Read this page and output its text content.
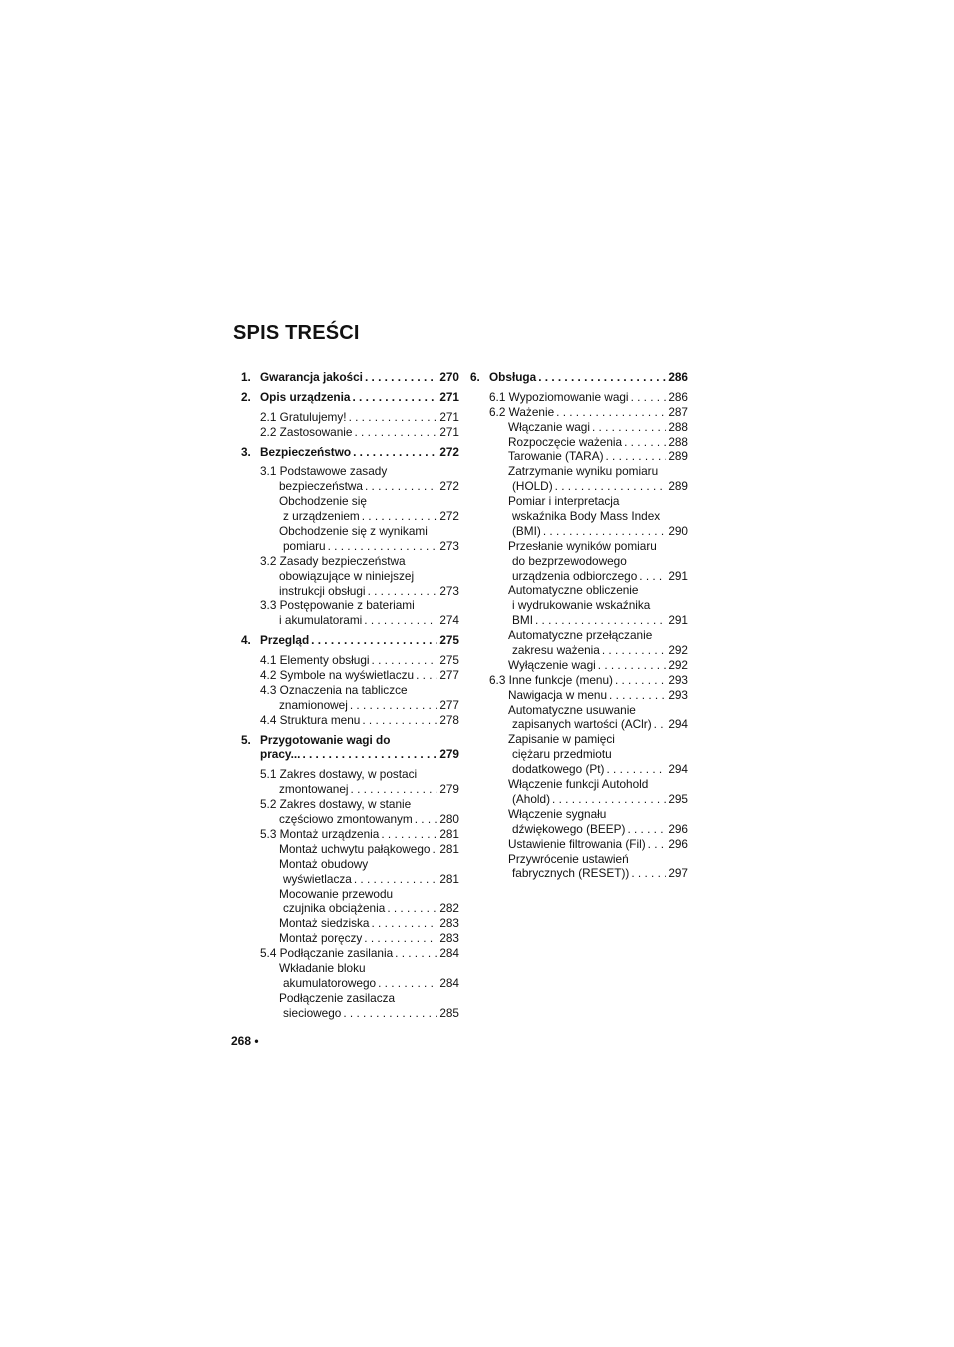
SPIS TREŚCI
1. Gwarancja jakości . . .	270
2. Opis urządzenia . . .	271
2.1 Gratulujemy! . . .	271
2.2 Zastosowanie . . .	271
3. Bezpieczeństwo . . .	272
3.1 Podstawowe zasady
bezpieczeństwa . . .	272
Obchodzenie się
z urządzeniem . . .	272
Obchodzenie się z wynikami
pomiaru . . .	273
3.2 Zasady bezpieczeństwa
obowiązujące w niniejszej
instrukcji obsługi . . .	273
3.3 Postępowanie z bateriami
i akumulatorami . . .	274
4. Przegląd . . .	275
4.1 Elementy obsługi . . .	275
4.2 Symbole na wyświetlaczu . . . 277
4.3 Oznaczenia na tabliczce
znamionowej . . .	277
4.4 Struktura menu . . .	278
5. Przygotowanie wagi do
pracy... . . .	279
5.1 Zakres dostawy, w postaci
zmontowanej . . .	279
5.2 Zakres dostawy, w stanie
częściowo zmontowanym . . . 280
5.3 Montaż urządzenia . . .	281
Montaż uchwytu pałąkowego . . . 281
Montaż obudowy
wyświetlacza . . .	281
Mocowanie przewodu
czujnika obciążenia . . .	282
Montaż siedziska . . .	283
Montaż poręczy . . .	283
5.4 Podłączanie zasilania . . .	284
Wkładanie bloku
akumulatorowego . . .	284
Podłączenie zasilacza
sieciowego . . .	285
6. Obsługa . . .	286
6.1 Wypoziomowanie wagi . . .	286
6.2 Ważenie . . .	287
Włączanie wagi . . .	288
Rozpoczęcie ważenia . . .	288
Tarowanie (TARA) . . .	289
Zatrzymanie wyniku pomiaru
(HOLD) . . .	289
Pomiar i interpretacja
wskaźnika Body Mass Index
(BMI) . . .	290
Przesłanie wyników pomiaru
do bezprzewodowego
urządzenia odbiorczego . . .	291
Automatyczne obliczenie
i wydrukowanie wskaźnika
BMI . . .	291
Automatyczne przełączanie
zakresu ważenia . . .	292
Wyłączenie wagi . . .	292
6.3 Inne funkcje (menu) . . .	293
Nawigacja w menu . . .	293
Automatyczne usuwanie
zapisanych wartości (AClr) . . . 294
Zapisanie w pamięci
ciężaru przedmiotu
dodatkowego (Pt) . . .	294
Włączenie funkcji Autohold
(Ahold) . . .	295
Włączenie sygnału
dźwiękowego (BEEP) . . .	296
Ustawienie filtrowania (Fil) . . . 296
Przywrócenie ustawień
fabrycznych (RESET)) . . .	297
268 •
